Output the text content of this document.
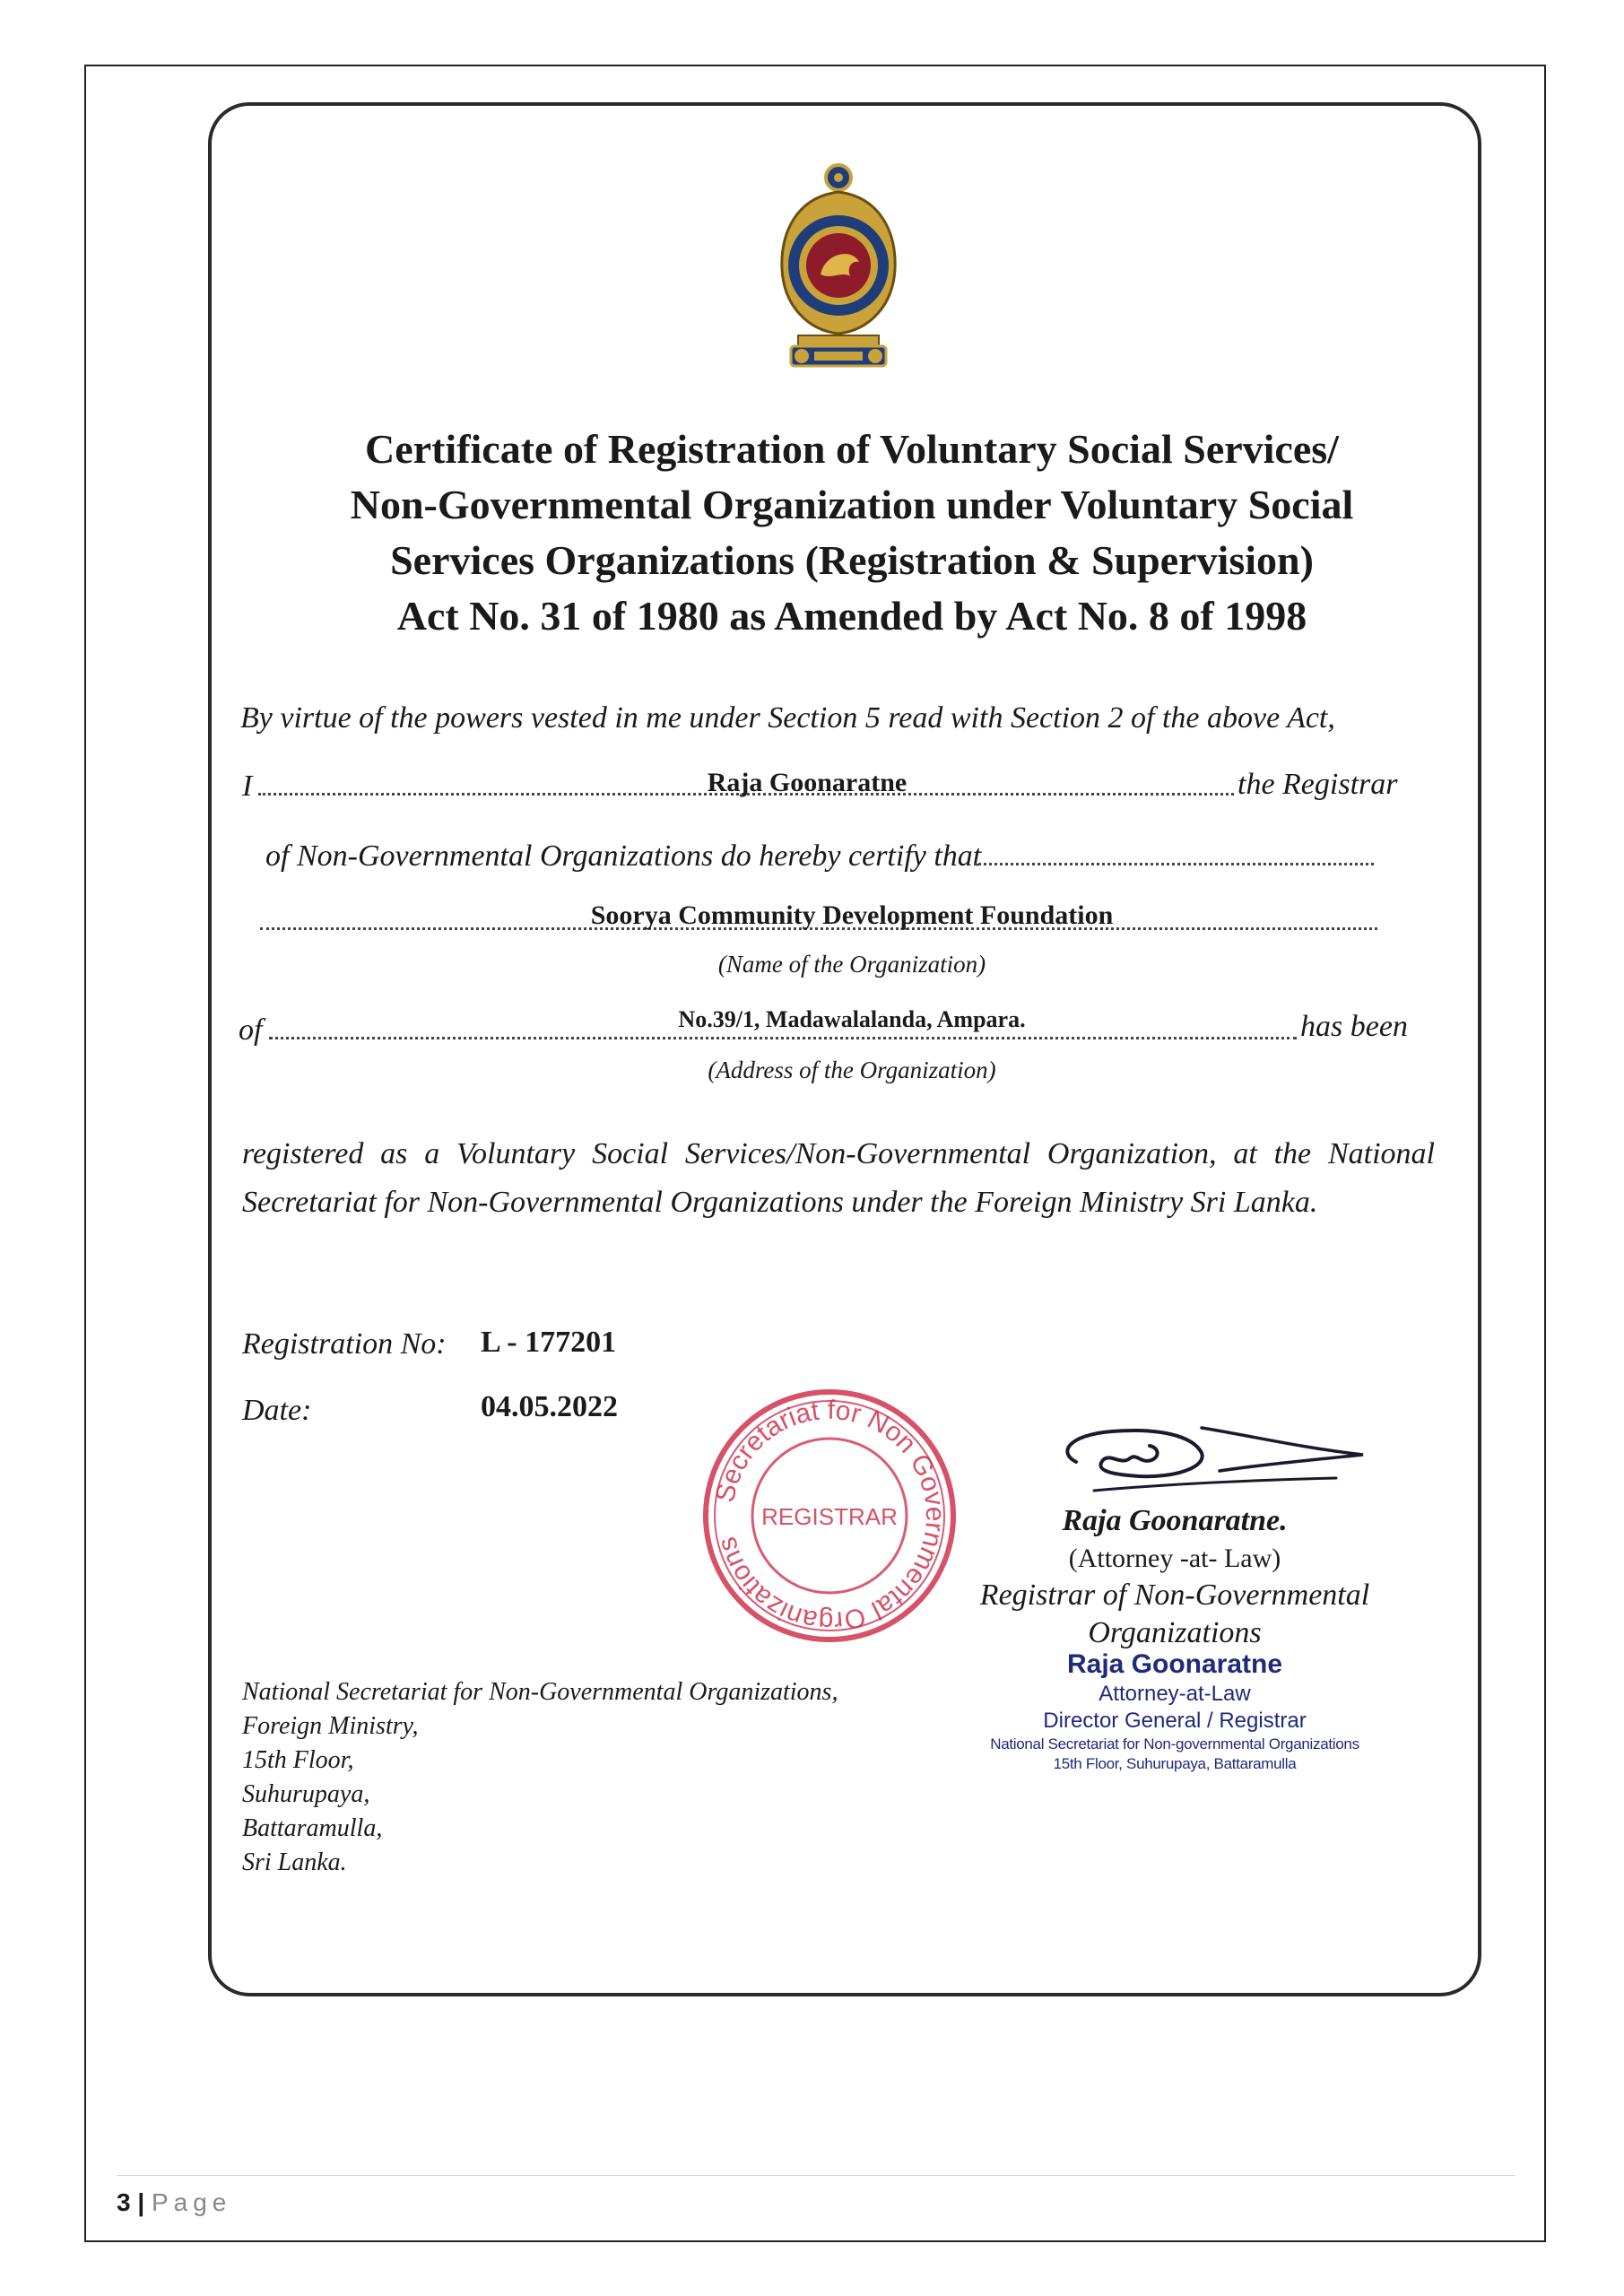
Certificate of Registration of Voluntary Social Services/
Non-Governmental Organization under Voluntary Social
Services Organizations (Registration & Supervision)
Act No. 31 of 1980 as Amended by Act No. 8 of 1998
By virtue of the powers vested in me under Section 5 read with Section 2 of the above Act,
I	Raja Goonaratne	the Registrar
of Non-Governmental Organizations do hereby certify that
Soorya Community Development Foundation
(Name of the Organization)
of	No.39/1, Madawalalanda, Ampara.	has been
(Address of the Organization)
registered as a Voluntary Social Services/Non-Governmental Organization, at the National
Secretariat for Non-Governmental Organizations under the Foreign Ministry Sri Lanka.
Registration No: L - 177201
Date:	04.05.2022
Secretariat for Non Governmental Organizations
REGISTRAR	Raja Goonaratne.
(Attorney -at- Law)
Registrar of Non-Governmental
Organizations
Raja Goonaratne
Attorney-at-Law
Director General / Registrar
National Secretariat for Non-governmental Organizations
15th Floor, Suhurupaya, Battaramulla
National Secretariat for Non-Governmental Organizations,
Foreign Ministry,
15th Floor,
Suhurupaya,
Battaramulla,
Sri Lanka.
3 | Page
